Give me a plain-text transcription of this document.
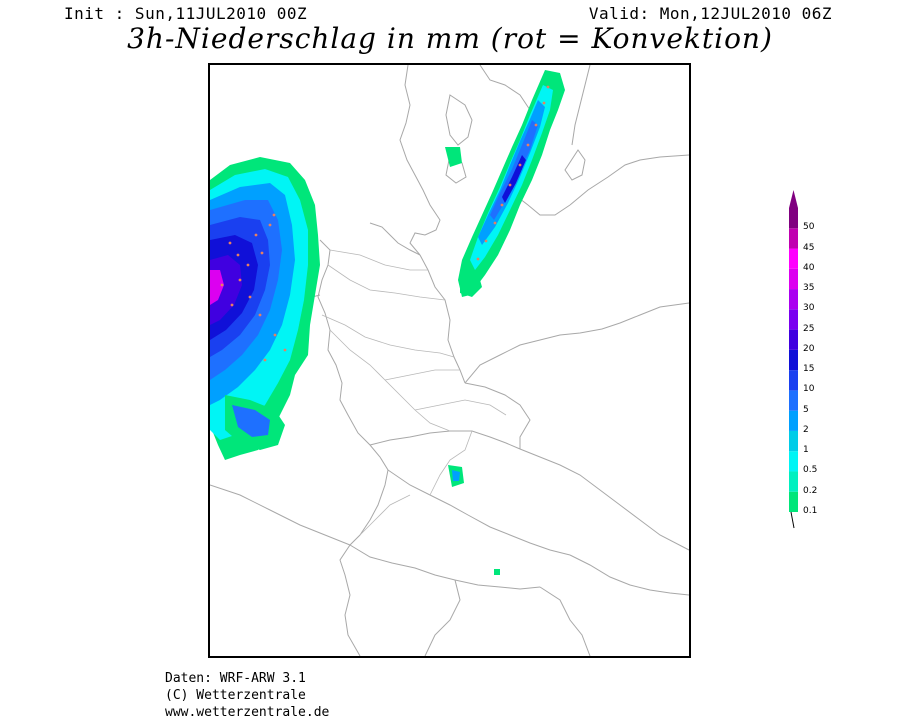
Init : Sun,11JUL2010 00Z	Valid: Mon,12JUL2010 06Z
3h-Niederschlag in mm (rot = Konvektion)
0.1
0.2
0.5
1
2
5
10
15
20
25
30
35
40
45
50
Daten: WRF-ARW 3.1
(C) Wetterzentrale
www.wetterzentrale.de
